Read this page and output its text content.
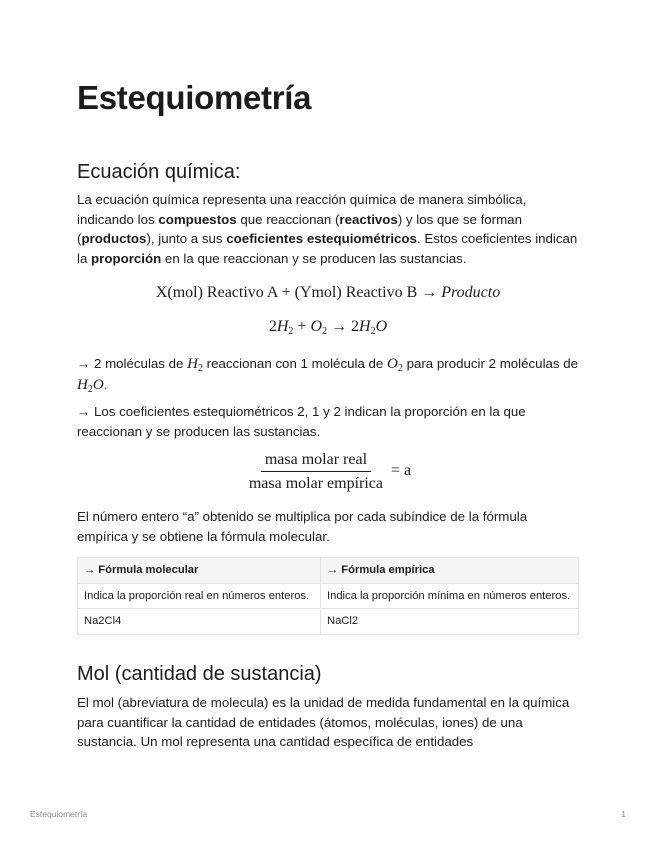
Estequiometría
Ecuación química:

La ecuación química representa una reacción química de manera simbólica, indicando los compuestos que reaccionan (reactivos) y los que se forman (productos), junto a sus coeficientes estequiométricos. Estos coeficientes indican la proporción en la que reaccionan y se producen las sustancias.

X(mol) Reactivo A + (Ymol) Reactivo B → Producto
$2H_2 + O_2 \to 2H_2O$

→ 2 moléculas de $H_2$ reaccionan con 1 molécula de $O_2$ para producir 2 moléculas de $H_2O$.

→ Los coeficientes estequiométricos 2, 1 y 2 indican la proporción en la que reaccionan y se producen las sustancias.

$\frac{\text{masa molar real}}{\text{masa molar empírica}} = a$

El número entero “a” obtenido se multiplica por cada subíndice de la fórmula empírica y se obtiene la fórmula molecular.

→ Fórmula molecular	→ Fórmula empírica
Indica la proporción real en números enteros.	Indica la proporción mínima en números enteros.
Na2Cl4	NaCl2
Mol (cantidad de sustancia)

El mol (abreviatura de molecula) es la unidad de medida fundamental en la química para cuantificar la cantidad de entidades (átomos, moléculas, iones) de una sustancia. Un mol representa una cantidad específica de entidades

Estequiometría	1
